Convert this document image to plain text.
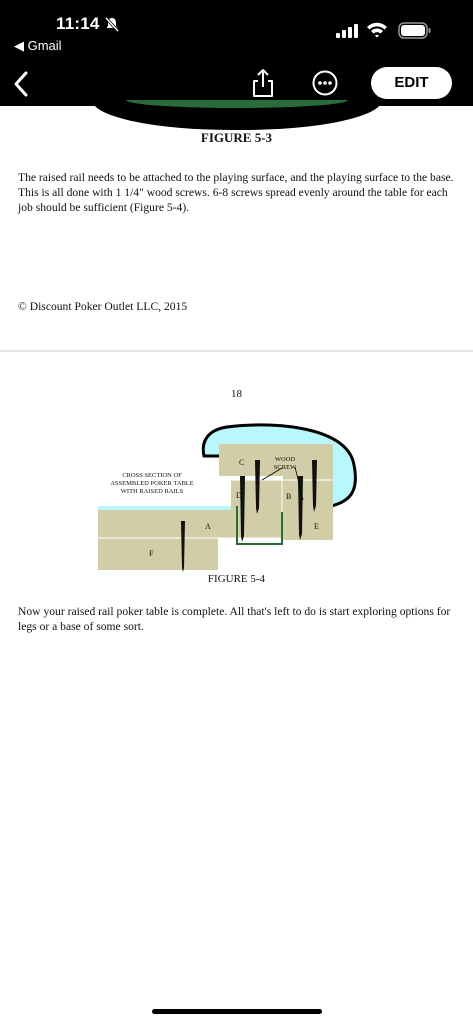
11:14
◀ Gmail
EDIT
FIGURE 5-3
The raised rail needs to be attached to the playing surface, and the playing surface to the base. This is all done with 1 1/4" wood screws. 6-8 screws spread evenly around the table for each job should be sufficient (Figure 5-4).
© Discount Poker Outlet LLC, 2015
18
CROSS SECTION OF
ASSEMBLED POKER TABLE
WITH RAISED RAILS
WOOD
SCREW
A
B
C
D
E
F
FIGURE 5-4
Now your raised rail poker table is complete. All that's left to do is start exploring options for legs or a base of some sort.
